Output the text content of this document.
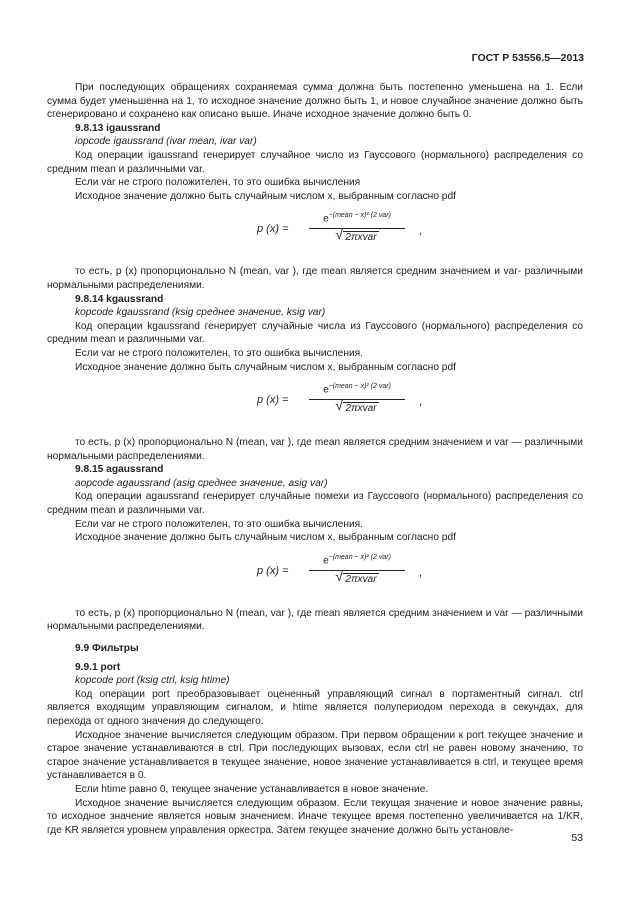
ГОСТ Р 53556.5—2013

При последующих обращениях сохраняемая сумма должна быть постепенно уменьшена на 1. Если сумма будет уменьшенна на 1, то исходное значение должно быть 1, и новое случайное значение должно быть сгенерировано и сохранено как описано выше. Иначе исходное значение должно быть 0.

9.8.13 igaussrand

iopcode igaussrand (ivar mean, ivar var)

Код операции igaussrand генерирует случайное число из Гауссового (нормального) распределения со средним mean и различными var.

Если var не строго положителен, то это ошибка вычисления

Исходное значение должно быть случайным числом x, выбранным согласно pdf

p (x) =
$e^{-(mean - x)^2 (2 var)}$
√ 2πxvar
,

то есть, p (x) пропорционально N (mean, var ), где mean является средним значением и var- различными нормальными распределениями.

9.8.14 kgaussrand

kopcode kgaussrand (ksig среднее значение, ksig var)

Код операции kgaussrand генерирует случайные числа из Гауссового (нормального) распределения со средним mean и различными var.

Если var не строго положителен, то это ошибка вычисления.

Исходное значение должно быть случайным числом x, выбранным согласно pdf

p (x) =
$e^{-(mean - x)^2 (2 var)}$
√ 2πxvar
,

то есть, p (x) пропорционально N (mean, var ), где mean является средним значением и var — различными нормальными распределениями.

9.8.15 agaussrand

aopcode agaussrand (asig среднее значение, asig var)

Код операции agaussrand генерирует случайные помехи из Гауссового (нормального) распределения со средним mean и различными var.

Если var не строго положителен, то это ошибка вычисления.

Исходное значение должно быть случайным числом x, выбранным согласно pdf

p (x) =
$e^{-(mean - x)^2 (2 var)}$
√ 2πxvar
,

то есть, p (x) пропорционально N (mean, var ), где mean является средним значением и var — различными нормальными распределениями.

9.9 Фильтры

9.9.1 port

kopcode port (ksig ctrl, ksig htime)

Код операции port преобразовывает оцененный управляющий сигнал в портаментный сигнал. ctrl является входящим управляющим сигналом, и htime является полупериодом перехода в секундах, для перехода от одного значения до следующего.

Исходное значение вычисляется следующим образом. При первом обращении к port текущее значение и старое значение устанавливаются в ctrl. При последующих вызовах, если ctrl не равен новому значению, то старое значение устанавливается в текущее значение, новое значение устанавливается в ctrl, и текущее время устанавливается в 0.

Если htime равно 0, текущее значение устанавливается в новое значение.

Исходное значение вычисляется следующим образом. Если текущая значение и новое значение равны, то исходное значение является новым значением. Иначе текущее время постепенно увеличивается на 1/KR, где KR является уровнем управления оркестра. Затем текущее значение должно быть установле-

53
